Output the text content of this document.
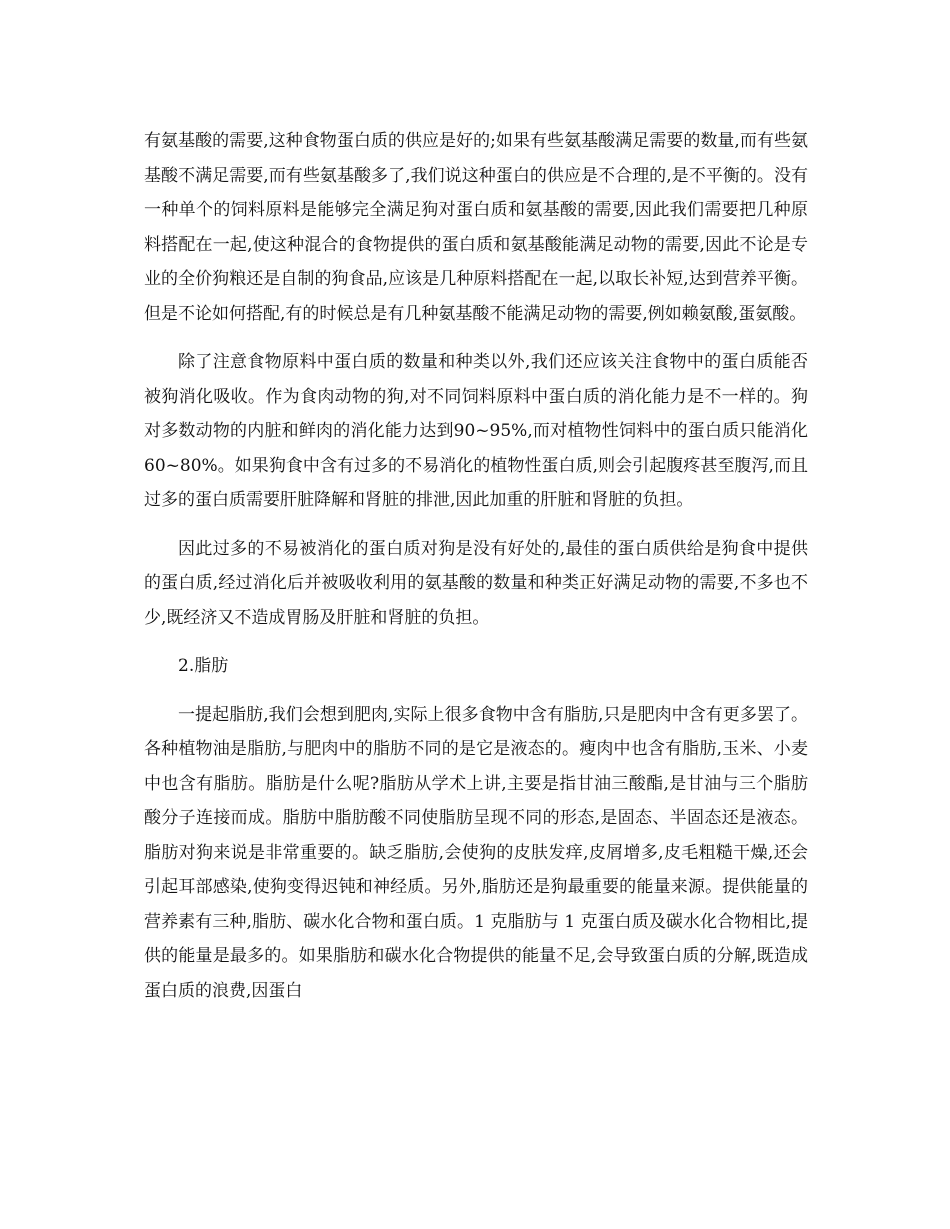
有氨基酸的需要,这种食物蛋白质的供应是好的;如果有些氨基酸满足需要的数量,而有些氨基酸不满足需要,而有些氨基酸多了,我们说这种蛋白的供应是不合理的,是不平衡的。没有一种单个的饲料原料是能够完全满足狗对蛋白质和氨基酸的需要,因此我们需要把几种原料搭配在一起,使这种混合的食物提供的蛋白质和氨基酸能满足动物的需要,因此不论是专业的全价狗粮还是自制的狗食品,应该是几种原料搭配在一起,以取长补短,达到营养平衡。但是不论如何搭配,有的时候总是有几种氨基酸不能满足动物的需要,例如赖氨酸,蛋氨酸。

除了注意食物原料中蛋白质的数量和种类以外,我们还应该关注食物中的蛋白质能否被狗消化吸收。作为食肉动物的狗,对不同饲料原料中蛋白质的消化能力是不一样的。狗对多数动物的内脏和鲜肉的消化能力达到90~95%,而对植物性饲料中的蛋白质只能消化60~80%。如果狗食中含有过多的不易消化的植物性蛋白质,则会引起腹疼甚至腹泻,而且过多的蛋白质需要肝脏降解和肾脏的排泄,因此加重的肝脏和肾脏的负担。

因此过多的不易被消化的蛋白质对狗是没有好处的,最佳的蛋白质供给是狗食中提供的蛋白质,经过消化后并被吸收利用的氨基酸的数量和种类正好满足动物的需要,不多也不少,既经济又不造成胃肠及肝脏和肾脏的负担。

2.脂肪

一提起脂肪,我们会想到肥肉,实际上很多食物中含有脂肪,只是肥肉中含有更多罢了。各种植物油是脂肪,与肥肉中的脂肪不同的是它是液态的。瘦肉中也含有脂肪,玉米、小麦中也含有脂肪。脂肪是什么呢?脂肪从学术上讲,主要是指甘油三酸酯,是甘油与三个脂肪酸分子连接而成。脂肪中脂肪酸不同使脂肪呈现不同的形态,是固态、半固态还是液态。脂肪对狗来说是非常重要的。缺乏脂肪,会使狗的皮肤发痒,皮屑增多,皮毛粗糙干燥,还会引起耳部感染,使狗变得迟钝和神经质。另外,脂肪还是狗最重要的能量来源。提供能量的营养素有三种,脂肪、碳水化合物和蛋白质。1 克脂肪与 1 克蛋白质及碳水化合物相比,提供的能量是最多的。如果脂肪和碳水化合物提供的能量不足,会导致蛋白质的分解,既造成蛋白质的浪费,因蛋白
